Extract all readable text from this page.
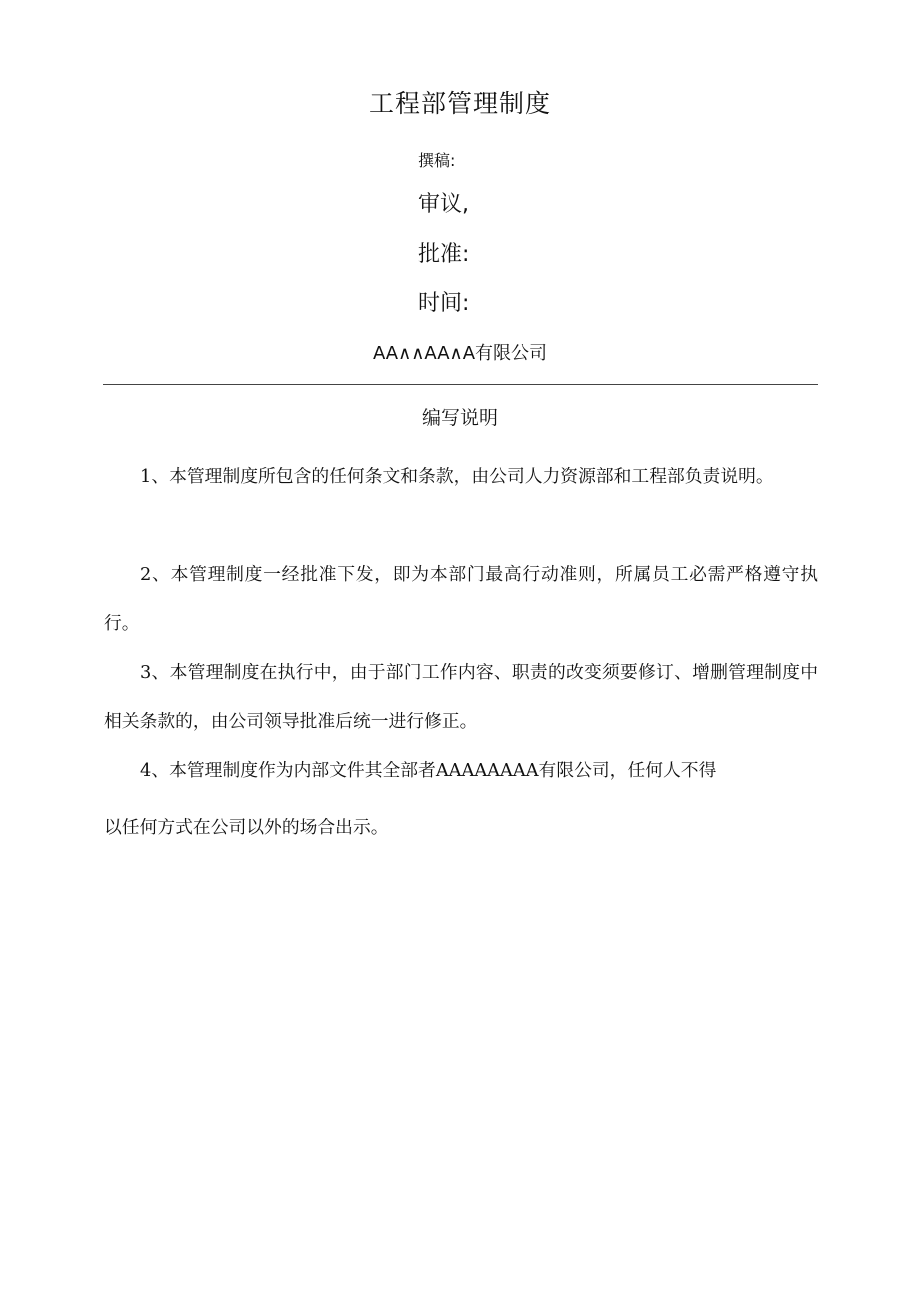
工程部管理制度
撰稿:
审议,
批准:
时间:
AA∧∧AA∧A有限公司
编写说明

1、本管理制度所包含的任何条文和条款，由公司人力资源部和工程部负责说明。

2、本管理制度一经批准下发，即为本部门最高行动准则，所属员工必需严格遵守执行。

3、本管理制度在执行中，由于部门工作内容、职责的改变须要修订、增删管理制度中相关条款的，由公司领导批准后统一进行修正。

4、本管理制度作为内部文件其全部者AAAAAAAA有限公司，任何人不得
以任何方式在公司以外的场合出示。
